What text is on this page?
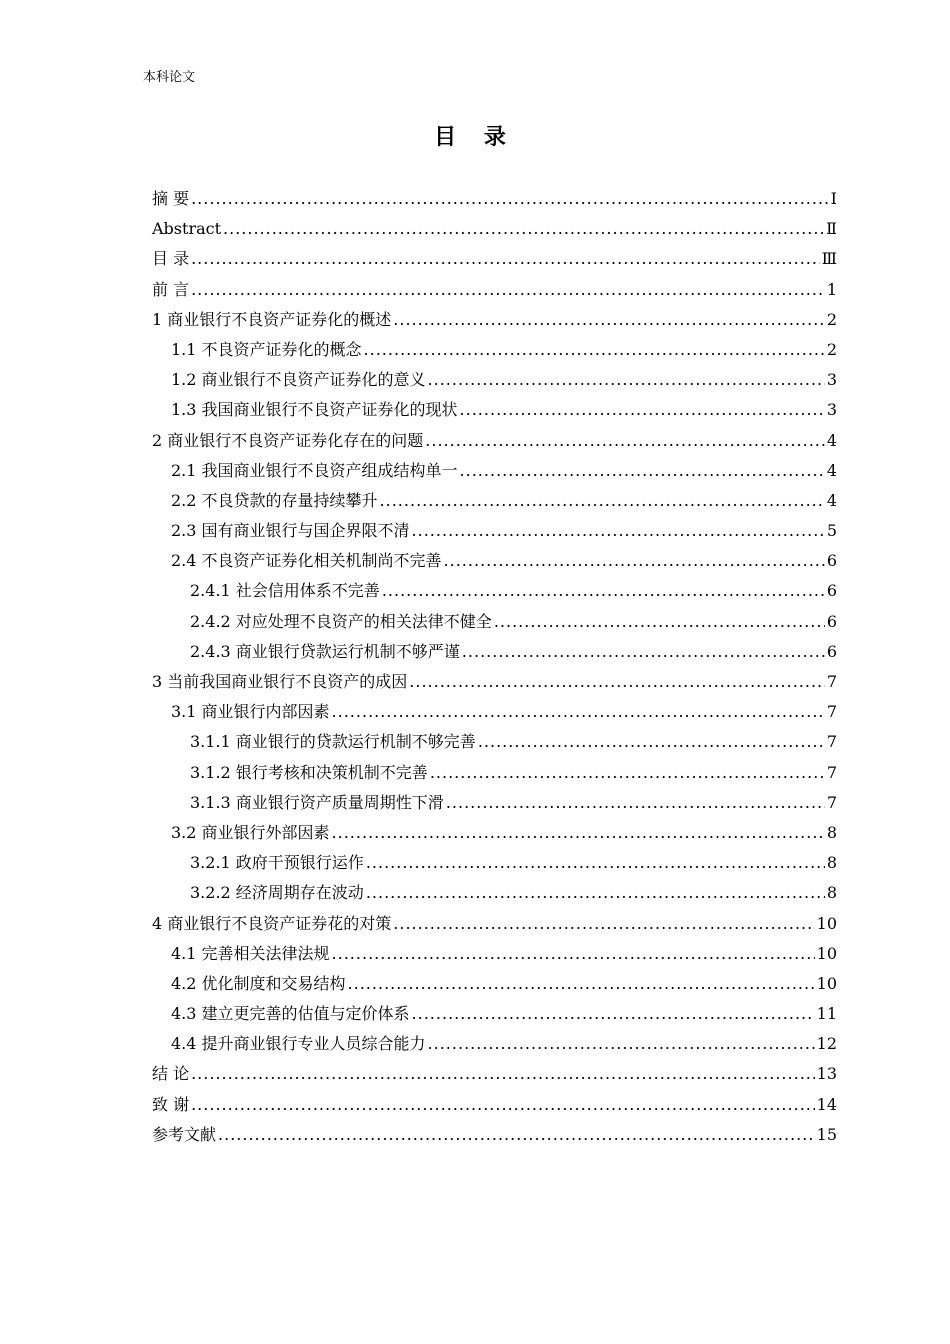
本科论文
目 录
摘 要 .....	Ⅰ
Abstract .....	Ⅱ
目 录 .....	Ⅲ
前 言 .....	1
1 商业银行不良资产证券化的概述 .....	2
1.1 不良资产证券化的概念 .....	2
1.2 商业银行不良资产证券化的意义 .....	3
1.3 我国商业银行不良资产证券化的现状 .....	3
2 商业银行不良资产证券化存在的问题 .....	4
2.1 我国商业银行不良资产组成结构单一 .....	4
2.2 不良贷款的存量持续攀升 .....	4
2.3 国有商业银行与国企界限不清 .....	5
2.4 不良资产证券化相关机制尚不完善 .....	6
2.4.1 社会信用体系不完善 .....	6
2.4.2 对应处理不良资产的相关法律不健全 .....	6
2.4.3 商业银行贷款运行机制不够严谨 .....	6
3 当前我国商业银行不良资产的成因 .....	7
3.1 商业银行内部因素 .....	7
3.1.1 商业银行的贷款运行机制不够完善 .....	7
3.1.2 银行考核和决策机制不完善 .....	7
3.1.3 商业银行资产质量周期性下滑 .....	7
3.2 商业银行外部因素 .....	8
3.2.1 政府干预银行运作 .....	8
3.2.2 经济周期存在波动 .....	8
4 商业银行不良资产证券花的对策 .....	10
4.1 完善相关法律法规 .....	10
4.2 优化制度和交易结构 .....	10
4.3 建立更完善的估值与定价体系 .....	11
4.4 提升商业银行专业人员综合能力 .....	12
结 论 .....	13
致 谢 .....	14
参考文献 .....	15
